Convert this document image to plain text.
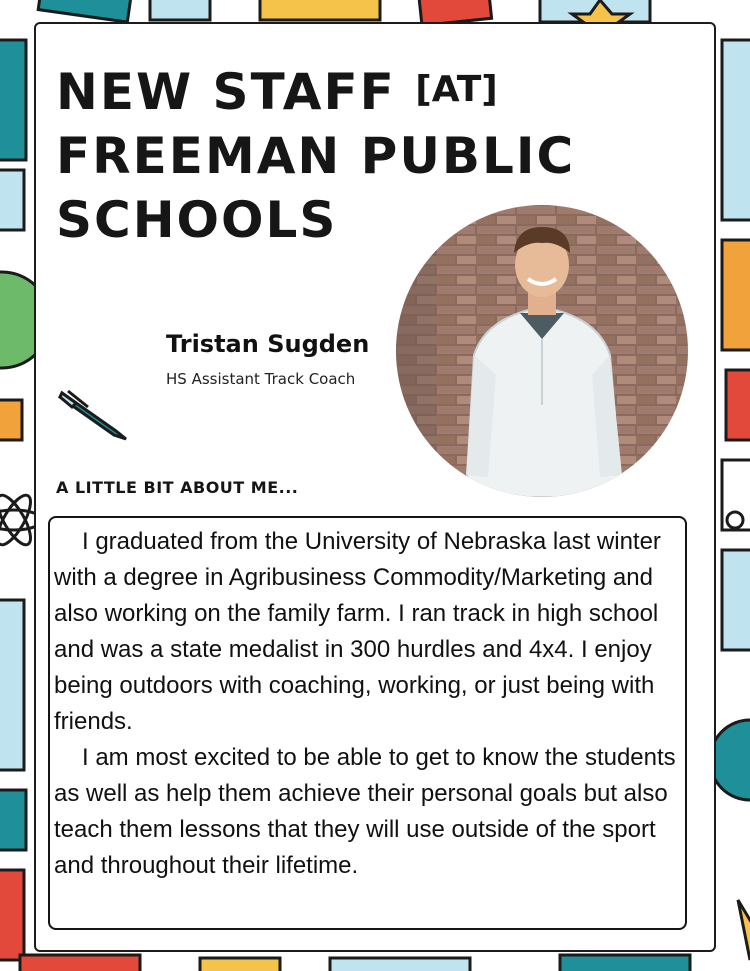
NEW STAFF [AT]
FREEMAN PUBLIC
SCHOOLS
Tristan Sugden
HS Assistant Track Coach
A LITTLE BIT ABOUT ME...

I graduated from the University of Nebraska last winter with a degree in Agribusiness Commodity/Marketing and also working on the family farm. I ran track in high school and was a state medalist in 300 hurdles and 4x4. I enjoy being outdoors with coaching, working, or just being with friends.

I am most excited to be able to get to know the students as well as help them achieve their personal goals but also teach them lessons that they will use outside of the sport and throughout their lifetime.
